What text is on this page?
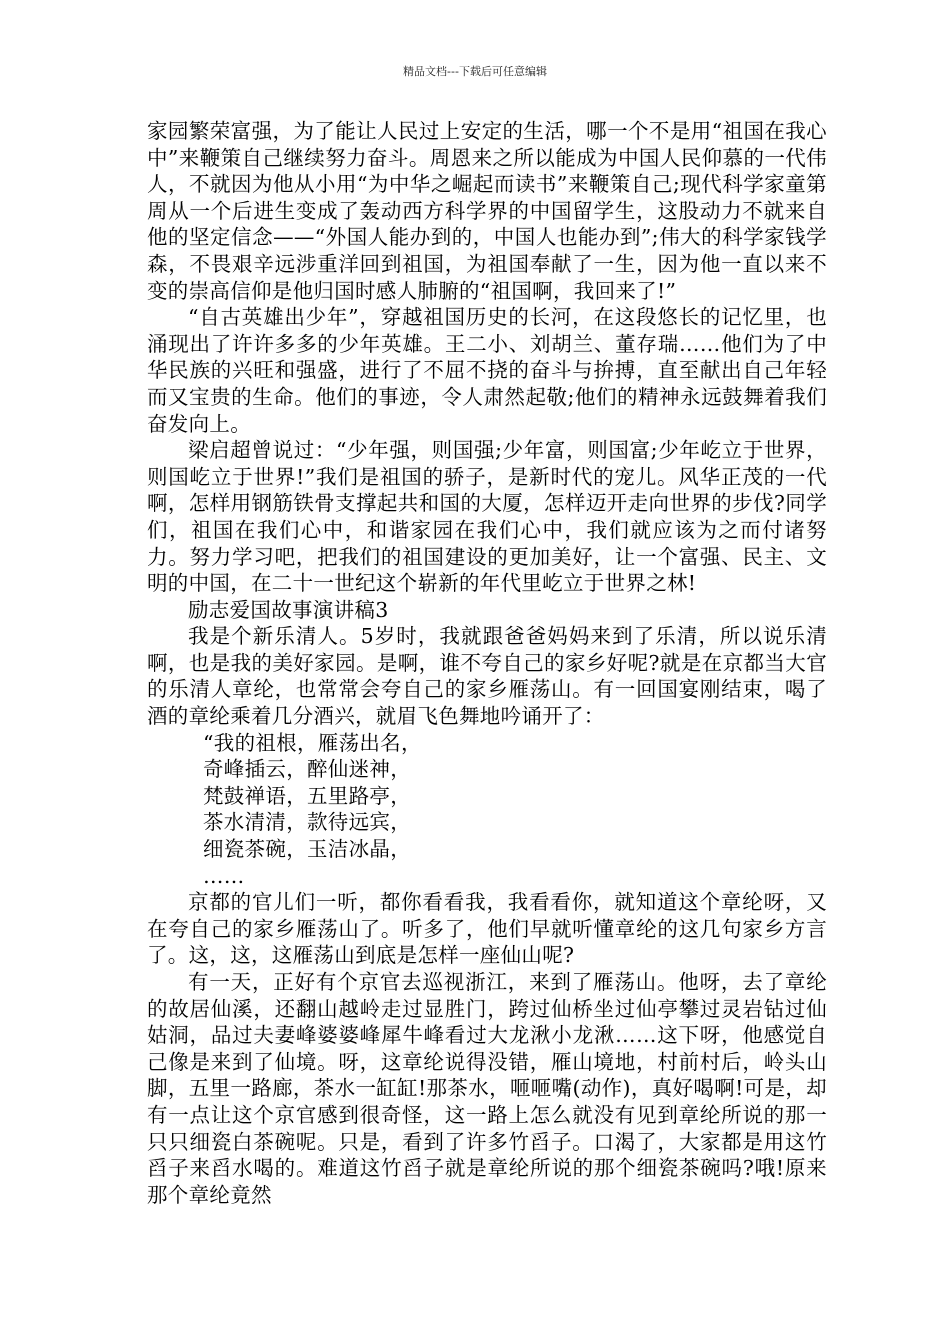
精品文档---下载后可任意编辑

家园繁荣富强，为了能让人民过上安定的生活，哪一个不是用“祖国在我心中”来鞭策自己继续努力奋斗。周恩来之所以能成为中国人民仰慕的一代伟人，不就因为他从小用“为中华之崛起而读书”来鞭策自己;现代科学家童第周从一个后进生变成了轰动西方科学界的中国留学生，这股动力不就来自他的坚定信念——“外国人能办到的，中国人也能办到”;伟大的科学家钱学森，不畏艰辛远涉重洋回到祖国，为祖国奉献了一生，因为他一直以来不变的崇高信仰是他归国时感人肺腑的“祖国啊，我回来了!”

“自古英雄出少年”，穿越祖国历史的长河，在这段悠长的记忆里，也涌现出了许许多多的少年英雄。王二小、刘胡兰、董存瑞……他们为了中华民族的兴旺和强盛，进行了不屈不挠的奋斗与拚搏，直至献出自己年轻而又宝贵的生命。他们的事迹，令人肃然起敬;他们的精神永远鼓舞着我们奋发向上。

梁启超曾说过：“少年强，则国强;少年富，则国富;少年屹立于世界，则国屹立于世界!”我们是祖国的骄子，是新时代的宠儿。风华正茂的一代啊，怎样用钢筋铁骨支撑起共和国的大厦，怎样迈开走向世界的步伐?同学们，祖国在我们心中，和谐家园在我们心中，我们就应该为之而付诸努力。努力学习吧，把我们的祖国建设的更加美好，让一个富强、民主、文明的中国，在二十一世纪这个崭新的年代里屹立于世界之林!

励志爱国故事演讲稿3

我是个新乐清人。5岁时，我就跟爸爸妈妈来到了乐清，所以说乐清啊，也是我的美好家园。是啊，谁不夸自己的家乡好呢?就是在京都当大官的乐清人章纶，也常常会夸自己的家乡雁荡山。有一回国宴刚结束，喝了酒的章纶乘着几分酒兴，就眉飞色舞地吟诵开了：

“我的祖根，雁荡出名，
奇峰插云，醉仙迷神，
梵鼓禅语，五里路亭，
茶水清清，款待远宾，
细瓷茶碗，玉洁冰晶，
……

京都的官儿们一听，都你看看我，我看看你，就知道这个章纶呀，又在夸自己的家乡雁荡山了。听多了，他们早就听懂章纶的这几句家乡方言了。这，这，这雁荡山到底是怎样一座仙山呢?

有一天，正好有个京官去巡视浙江，来到了雁荡山。他呀，去了章纶的故居仙溪，还翻山越岭走过显胜门，跨过仙桥坐过仙亭攀过灵岩钻过仙姑洞，品过夫妻峰婆婆峰犀牛峰看过大龙湫小龙湫……这下呀，他感觉自己像是来到了仙境。呀，这章纶说得没错，雁山境地，村前村后，岭头山脚，五里一路廊，茶水一缸缸!那茶水，咂咂嘴(动作)，真好喝啊!可是，却有一点让这个京官感到很奇怪，这一路上怎么就没有见到章纶所说的那一只只细瓷白茶碗呢。只是，看到了许多竹舀子。口渴了，大家都是用这竹舀子来舀水喝的。难道这竹舀子就是章纶所说的那个细瓷茶碗吗?哦!原来那个章纶竟然
